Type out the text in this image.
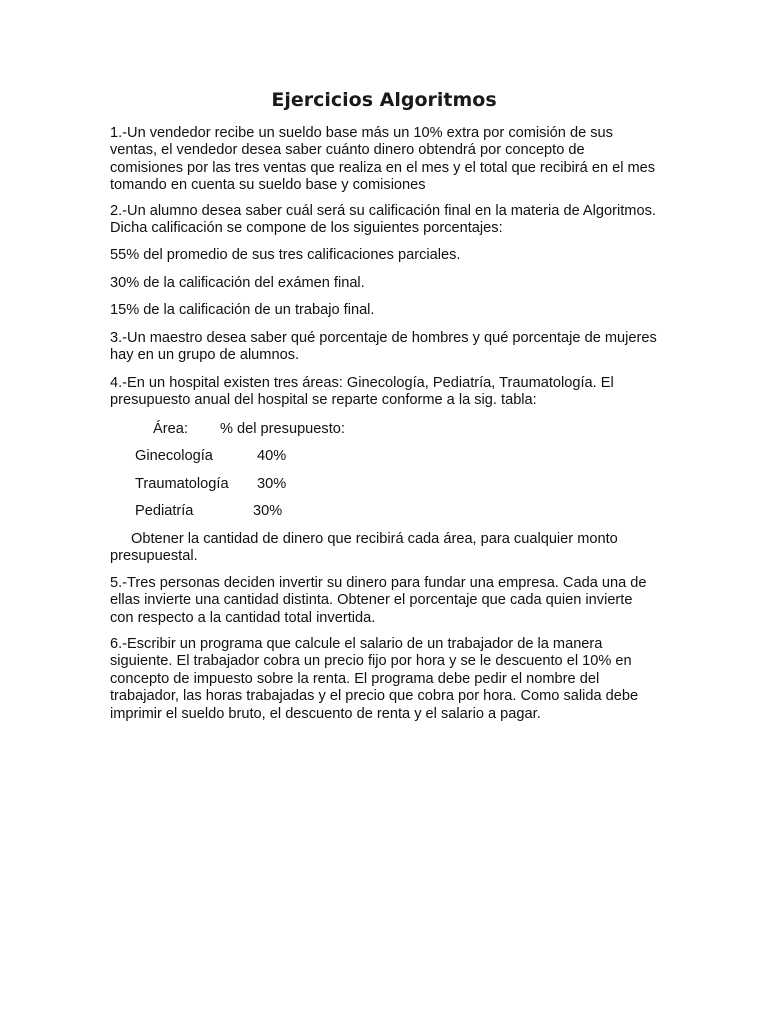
Ejercicios Algoritmos

1.-Un vendedor recibe un sueldo base más un 10% extra por comisión de sus ventas, el vendedor desea saber cuánto dinero obtendrá por concepto de comisiones por las tres ventas que realiza en el mes y el total que recibirá en el mes tomando en cuenta su sueldo base y comisiones

2.-Un alumno desea saber cuál será su calificación final en la materia de Algoritmos. Dicha calificación se compone de los siguientes porcentajes:

55% del promedio de sus tres calificaciones parciales.

30% de la calificación del exámen final.

15% de la calificación de un trabajo final.

3.-Un maestro desea saber qué porcentaje de hombres y qué porcentaje de mujeres hay en un grupo de alumnos.

4.-En un hospital existen tres áreas: Ginecología, Pediatría, Traumatología. El presupuesto anual del hospital se reparte conforme a la sig. tabla:

Área: % del presupuesto:

Ginecología	40%

Traumatología 30%

Pediatría	30%

Obtener la cantidad de dinero que recibirá cada área, para cualquier monto presupuestal.

5.-Tres personas deciden invertir su dinero para fundar una empresa. Cada una de ellas invierte una cantidad distinta. Obtener el porcentaje que cada quien invierte con respecto a la cantidad total invertida.

6.-Escribir un programa que calcule el salario de un trabajador de la manera siguiente. El trabajador cobra un precio fijo por hora y se le descuento el 10% en concepto de impuesto sobre la renta. El programa debe pedir el nombre del trabajador, las horas trabajadas y el precio que cobra por hora. Como salida debe imprimir el sueldo bruto, el descuento de renta y el salario a pagar.
